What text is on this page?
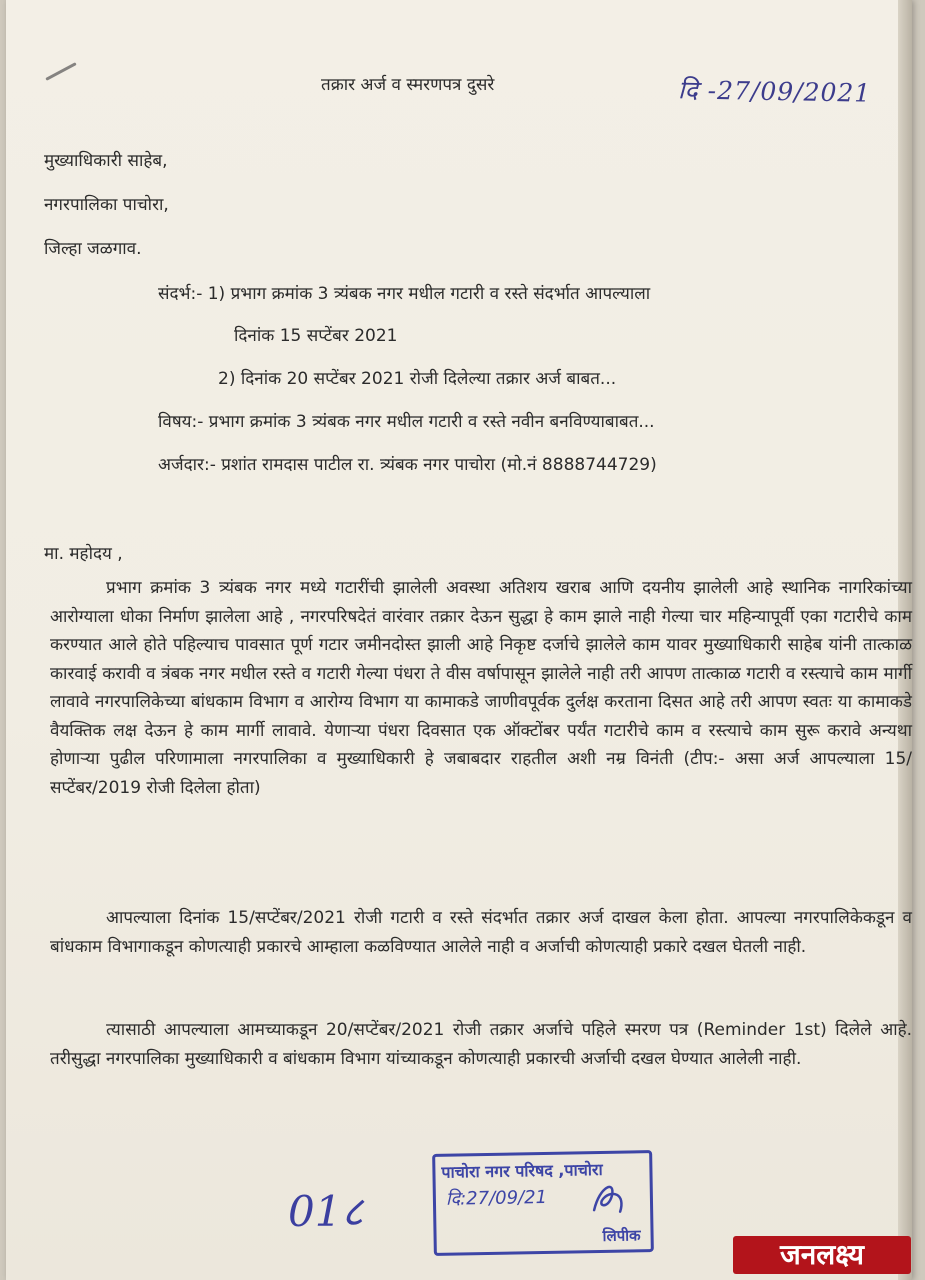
तक्रार अर्ज व स्मरणपत्र दुसरे	दि -27/09/2021
मुख्याधिकारी साहेब,
नगरपालिका पाचोरा,
जिल्हा जळगाव.
संदर्भ:- 1) प्रभाग क्रमांक 3 त्र्यंबक नगर मधील गटारी व रस्ते संदर्भात आपल्याला
दिनांक 15 सप्टेंबर 2021
2) दिनांक 20 सप्टेंबर 2021 रोजी दिलेल्या तक्रार अर्ज बाबत...
विषय:- प्रभाग क्रमांक 3 त्र्यंबक नगर मधील गटारी व रस्ते नवीन बनविण्याबाबत...
अर्जदार:- प्रशांत रामदास पाटील रा. त्र्यंबक नगर पाचोरा (मो.नं 8888744729)
मा. महोदय ,

प्रभाग क्रमांक 3 त्र्यंबक नगर मध्ये गटारींची झालेली अवस्था अतिशय खराब आणि दयनीय झालेली आहे स्थानिक नागरिकांच्या आरोग्याला धोका निर्माण झालेला आहे , नगरपरिषदेतं वारंवार तक्रार देऊन सुद्धा हे काम झाले नाही गेल्या चार महिन्यापूर्वी एका गटारीचे काम करण्यात आले होते पहिल्याच पावसात पूर्ण गटार जमीनदोस्त झाली आहे निकृष्ट दर्जाचे झालेले काम यावर मुख्याधिकारी साहेब यांनी तात्काळ कारवाई करावी व त्रंबक नगर मधील रस्ते व गटारी गेल्या पंधरा ते वीस वर्षापासून झालेले नाही तरी आपण तात्काळ गटारी व रस्त्याचे काम मार्गी लावावे नगरपालिकेच्या बांधकाम विभाग व आरोग्य विभाग या कामाकडे जाणीवपूर्वक दुर्लक्ष करताना दिसत आहे तरी आपण स्वतः या कामाकडे वैयक्तिक लक्ष देऊन हे काम मार्गी लावावे. येणाऱ्या पंधरा दिवसात एक ऑक्टोंबर पर्यंत गटारीचे काम व रस्त्याचे काम सुरू करावे अन्यथा होणाऱ्या पुढील परिणामाला नगरपालिका व मुख्याधिकारी हे जबाबदार राहतील अशी नम्र विनंती (टीप:- असा अर्ज आपल्याला 15/सप्टेंबर/2019 रोजी दिलेला होता)

आपल्याला दिनांक 15/सप्टेंबर/2021 रोजी गटारी व रस्ते संदर्भात तक्रार अर्ज दाखल केला होता. आपल्या नगरपालिकेकडून व बांधकाम विभागाकडून कोणत्याही प्रकारचे आम्हाला कळविण्यात आलेले नाही व अर्जाची कोणत्याही प्रकारे दखल घेतली नाही.

त्यासाठी आपल्याला आमच्याकडून 20/सप्टेंबर/2021 रोजी तक्रार अर्जाचे पहिले स्मरण पत्र (Reminder 1st) दिलेले आहे. तरीसुद्धा नगरपालिका मुख्याधिकारी व बांधकाम विभाग यांच्याकडून कोणत्याही प्रकारची अर्जाची दखल घेण्यात आलेली नाही.

01८
पाचोरा नगर परिषद ,पाचोरा
दि:27/09/21
लिपीक
जनलक्ष्य
